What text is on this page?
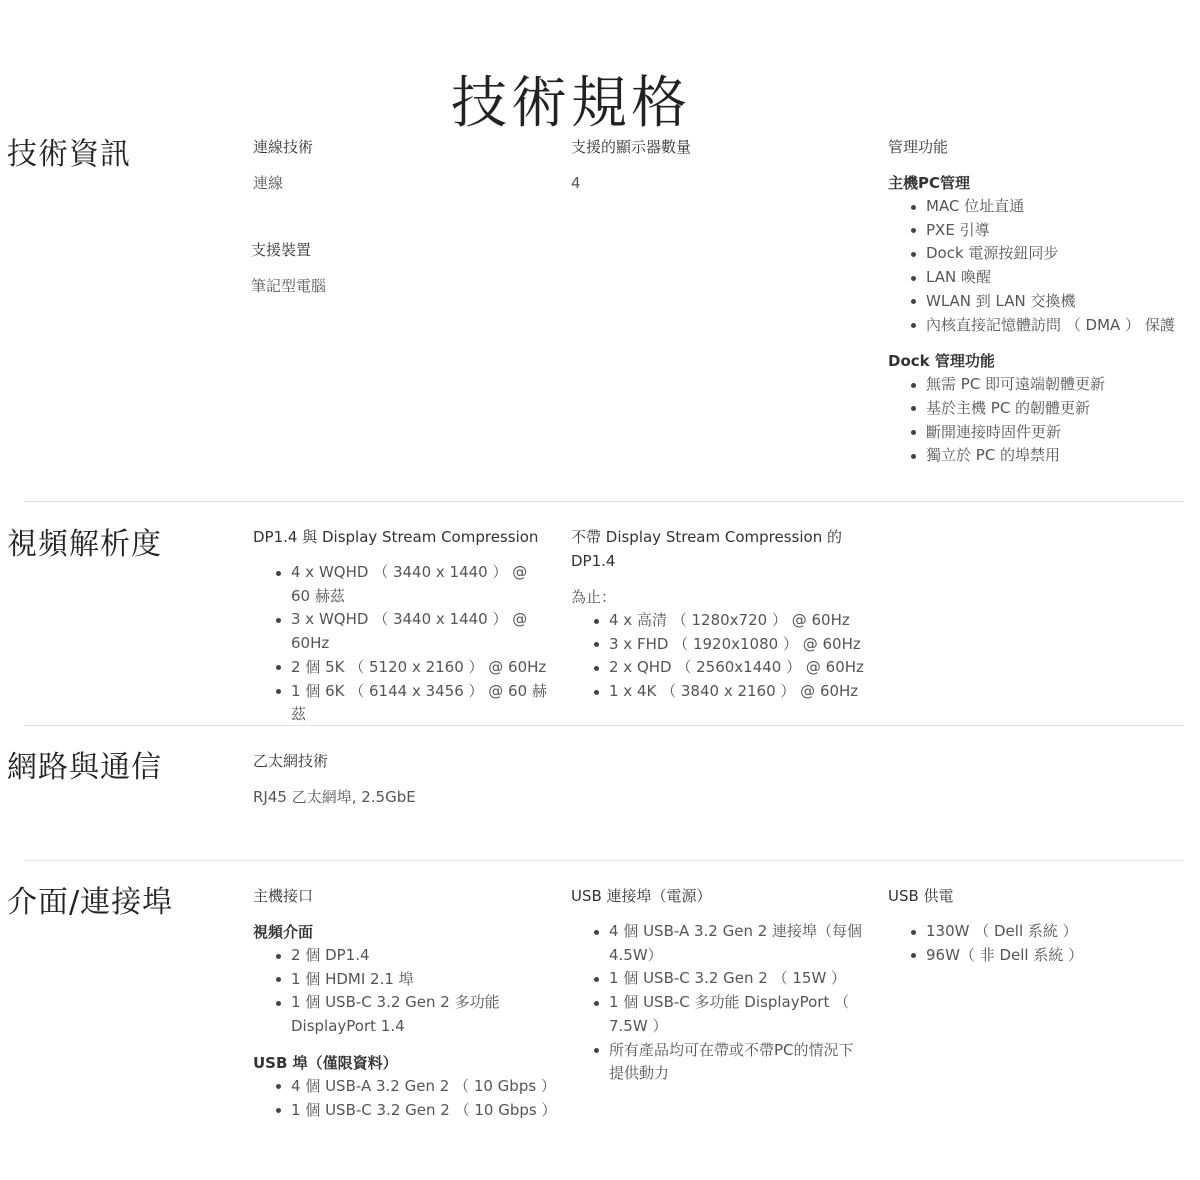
技術規格
技術資訊	連線技術
連線
支援裝置
筆記型電腦
支援的顯示器數量
4
管理功能
主機PC管理
MAC 位址直通
PXE 引導
Dock 電源按鈕同步
LAN 喚醒
WLAN 到 LAN 交換機
內核直接記憶體訪問 （ DMA ） 保護
Dock 管理功能
無需 PC 即可遠端韌體更新
基於主機 PC 的韌體更新
斷開連接時固件更新
獨立於 PC 的埠禁用
視頻解析度	DP1.4 與 Display Stream Compression
4 x WQHD （ 3440 x 1440 ） @ 60 赫茲
3 x WQHD （ 3440 x 1440 ） @ 60Hz
2 個 5K （ 5120 x 2160 ） @ 60Hz
1 個 6K （ 6144 x 3456 ） @ 60 赫茲
不帶 Display Stream Compression 的
DP1.4
為止：
4 x 高清 （ 1280x720 ） @ 60Hz
3 x FHD （ 1920x1080 ） @ 60Hz
2 x QHD （ 2560x1440 ） @ 60Hz
1 x 4K （ 3840 x 2160 ） @ 60Hz
網路與通信	乙太網技術
RJ45 乙太網埠, 2.5GbE
介面/連接埠	主機接口
視頻介面
2 個 DP1.4
1 個 HDMI 2.1 埠
1 個 USB-C 3.2 Gen 2 多功能 DisplayPort 1.4
USB 埠（僅限資料）
4 個 USB-A 3.2 Gen 2 （ 10 Gbps ）
1 個 USB-C 3.2 Gen 2 （ 10 Gbps ）
USB 連接埠（電源）
4 個 USB-A 3.2 Gen 2 連接埠（每個 4.5W）
1 個 USB-C 3.2 Gen 2 （ 15W ）
1 個 USB-C 多功能 DisplayPort （ 7.5W ）
所有產品均可在帶或不帶PC的情況下提供動力
USB 供電
130W （ Dell 系統 ）
96W（ 非 Dell 系統 ）
